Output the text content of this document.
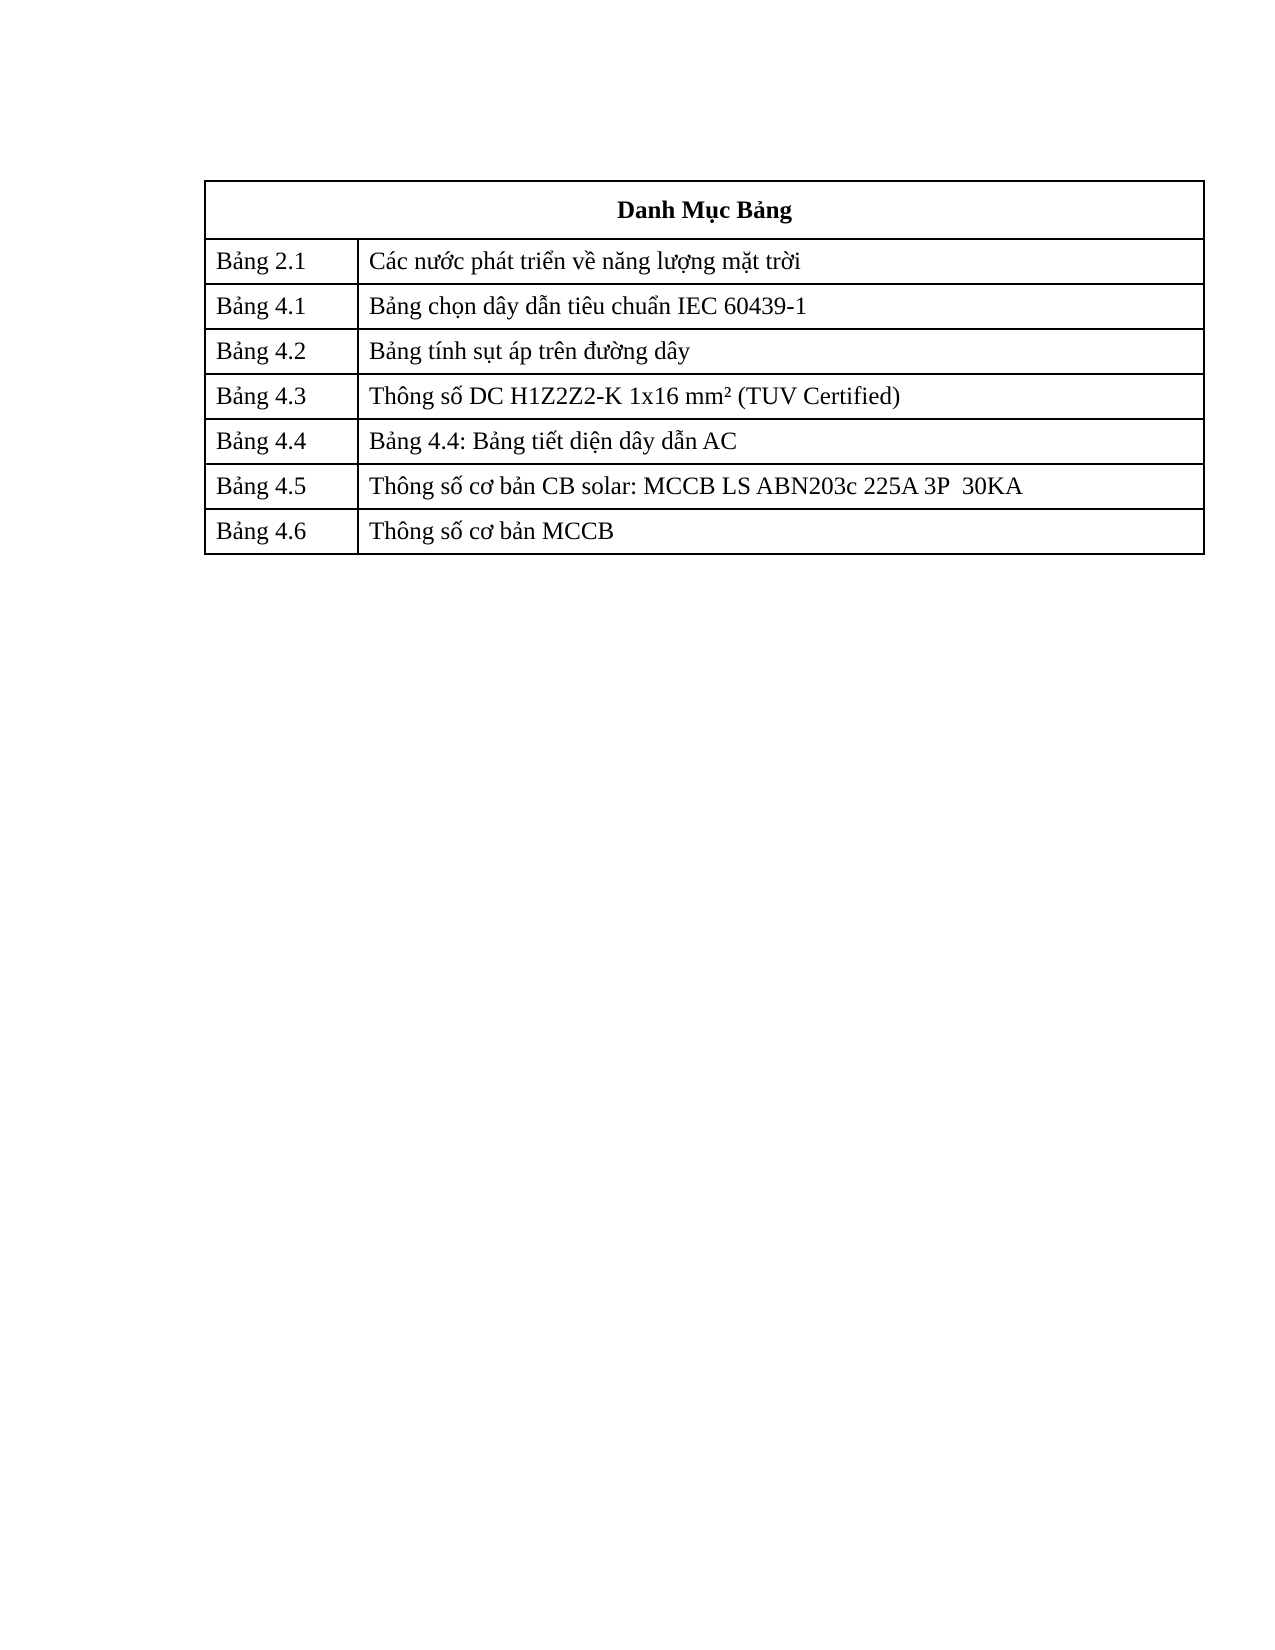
Danh Mục Bảng	
Bảng 2.1	Các nước phát triển về năng lượng mặt trời
Bảng 4.1	Bảng chọn dây dẫn tiêu chuẩn IEC 60439-1
Bảng 4.2	Bảng tính sụt áp trên đường dây
Bảng 4.3	Thông số DC H1Z2Z2-K 1x16 mm² (TUV Certified)
Bảng 4.4	Bảng 4.4: Bảng tiết diện dây dẫn AC
Bảng 4.5	Thông số cơ bản CB solar: MCCB LS ABN203c 225A 3P  30KA
Bảng 4.6	Thông số cơ bản MCCB
